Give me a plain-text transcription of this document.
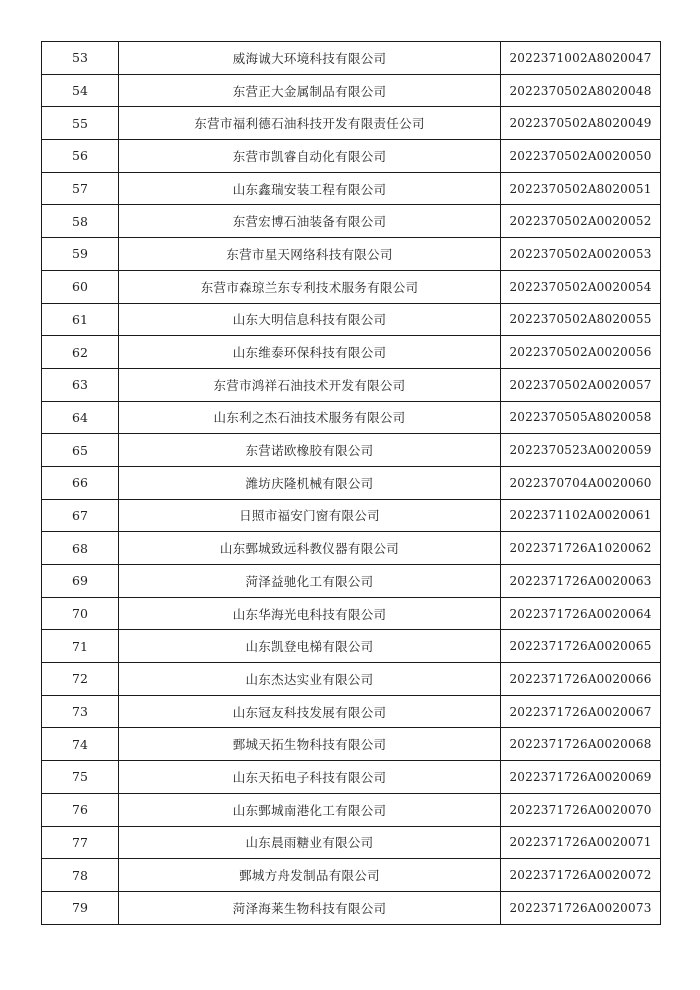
53	威海诚大环境科技有限公司	2022371002A8020047
54	东营正大金属制品有限公司	2022370502A8020048
55	东营市福利德石油科技开发有限责任公司	2022370502A8020049
56	东营市凯睿自动化有限公司	2022370502A0020050
57	山东鑫瑞安装工程有限公司	2022370502A8020051
58	东营宏博石油装备有限公司	2022370502A0020052
59	东营市星天网络科技有限公司	2022370502A0020053
60	东营市森琼兰东专利技术服务有限公司	2022370502A0020054
61	山东大明信息科技有限公司	2022370502A8020055
62	山东维泰环保科技有限公司	2022370502A0020056
63	东营市鸿祥石油技术开发有限公司	2022370502A0020057
64	山东利之杰石油技术服务有限公司	2022370505A8020058
65	东营诺欧橡胶有限公司	2022370523A0020059
66	潍坊庆隆机械有限公司	2022370704A0020060
67	日照市福安门窗有限公司	2022371102A0020061
68	山东鄄城致远科教仪器有限公司	2022371726A1020062
69	菏泽益驰化工有限公司	2022371726A0020063
70	山东华海光电科技有限公司	2022371726A0020064
71	山东凯登电梯有限公司	2022371726A0020065
72	山东杰达实业有限公司	2022371726A0020066
73	山东冠友科技发展有限公司	2022371726A0020067
74	鄄城天拓生物科技有限公司	2022371726A0020068
75	山东天拓电子科技有限公司	2022371726A0020069
76	山东鄄城南港化工有限公司	2022371726A0020070
77	山东晨雨糖业有限公司	2022371726A0020071
78	鄄城方舟发制品有限公司	2022371726A0020072
79	菏泽海莱生物科技有限公司	2022371726A0020073
